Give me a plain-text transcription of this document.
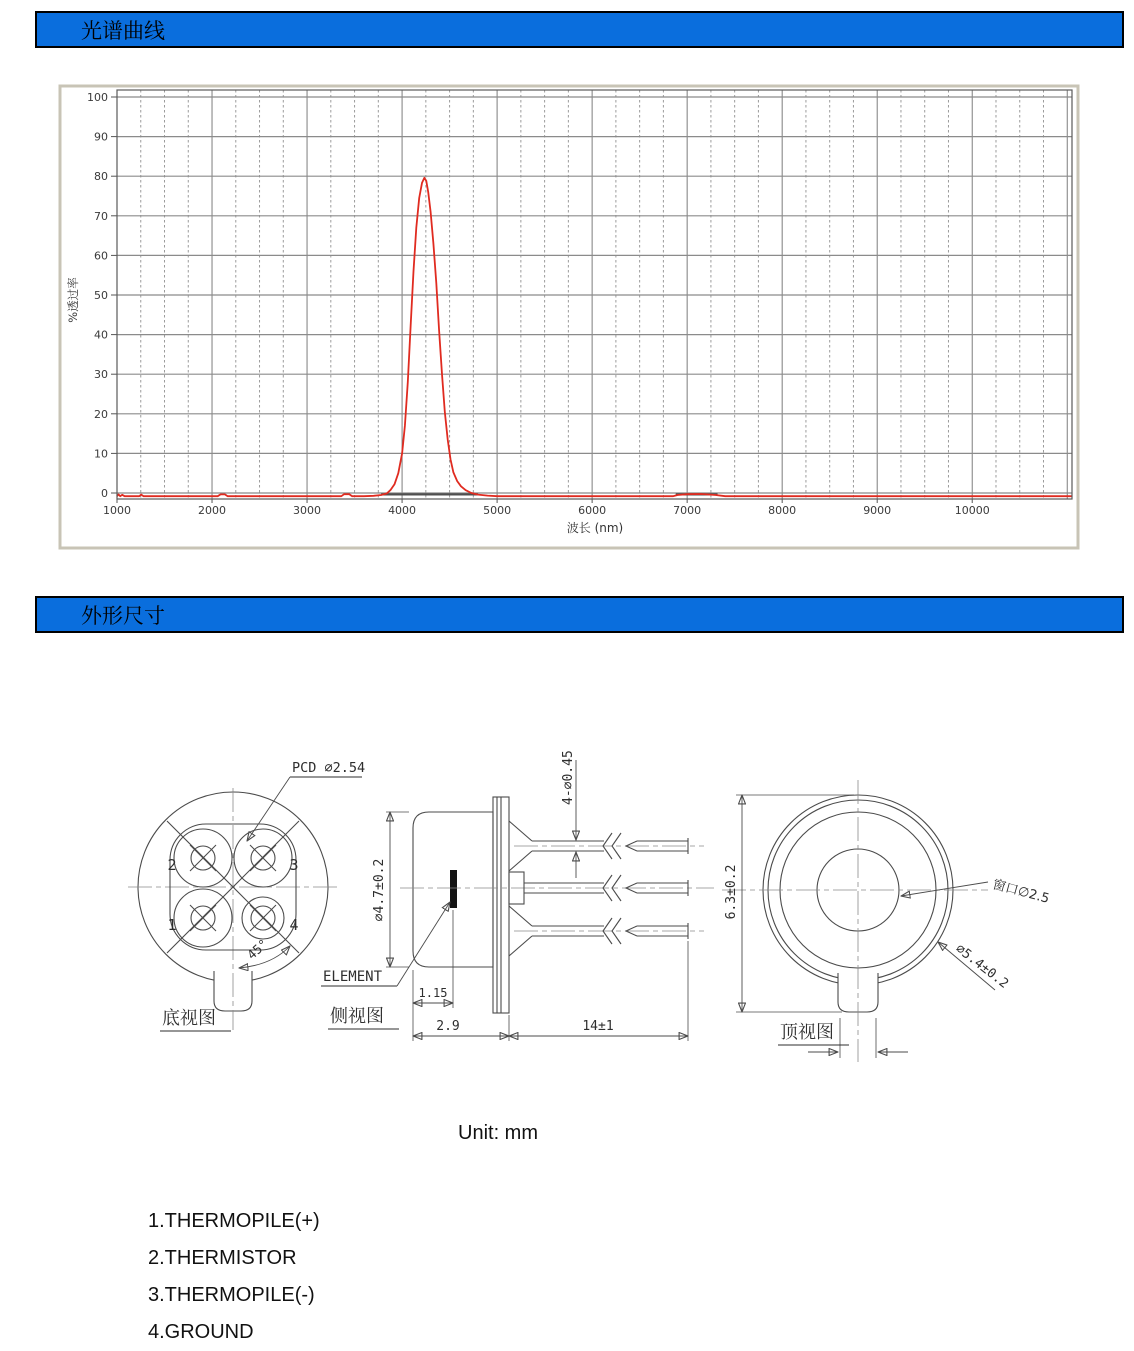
光谱曲线
0
10
20
30
40
50
60
70
80
90
100
1000	2000	3000	4000	5000	6000	7000	8000	9000	10000
波长 (nm)
%透过率
外形尺寸
2	3
1	4
PCD ∅2.54
45°
底视图
4-∅0.45
∅4.7±0.2
1.15
ELEMENT
2.9	14±1
侧视图
6.3±0.2	窗口∅2.5
∅5.4±0.2
顶视图
Unit: mm
1.THERMOPILE(+)
2.THERMISTOR
3.THERMOPILE(-)
4.GROUND
